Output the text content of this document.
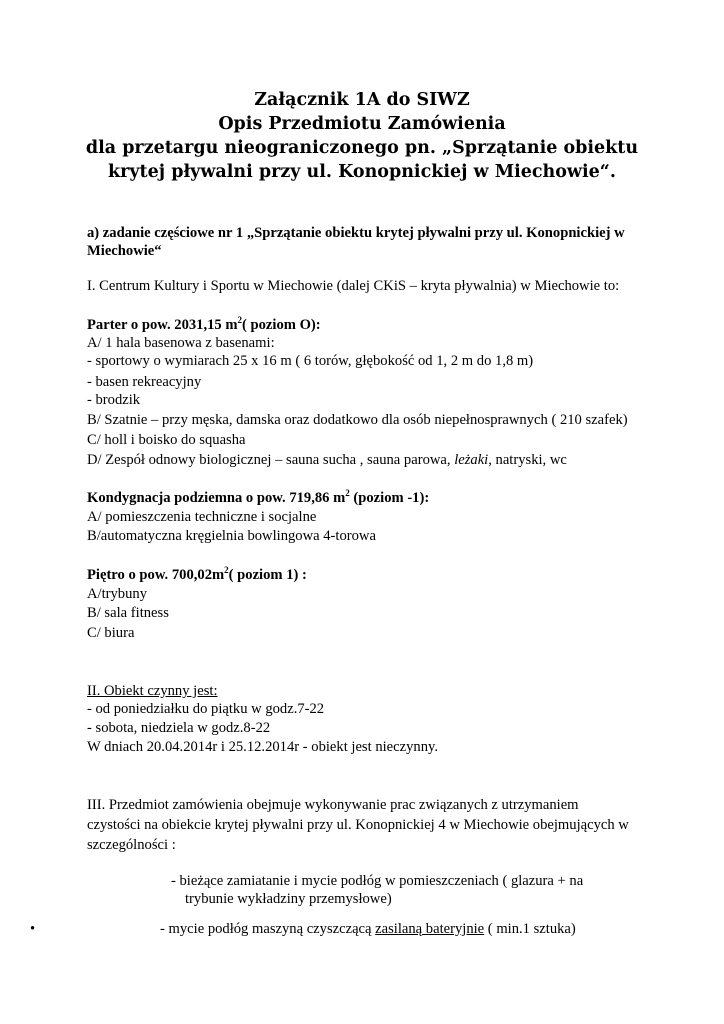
Załącznik 1A do SIWZ
Opis Przedmiotu Zamówienia
dla przetargu nieograniczonego pn. „Sprzątanie obiektu
krytej pływalni przy ul. Konopnickiej w Miechowie“.
a) zadanie częściowe nr 1 „Sprzątanie obiektu krytej pływalni przy ul. Konopnickiej w
Miechowie“
I. Centrum Kultury i Sportu w Miechowie (dalej CKiS – kryta pływalnia) w Miechowie to:
Parter o pow. 2031,15 $m^2$( poziom O):
A/ 1 hala basenowa z basenami:
- sportowy o wymiarach 25 x 16 m ( 6 torów, głębokość od 1, 2 m do 1,8 m)
- basen rekreacyjny
- brodzik
B/ Szatnie – przy męska, damska oraz dodatkowo dla osób niepełnosprawnych ( 210 szafek)
C/ holl i boisko do squasha
D/ Zespół odnowy biologicznej – sauna sucha , sauna parowa, leżaki, natryski, wc
Kondygnacja podziemna o pow. 719,86 $m^2$ (poziom -1):
A/ pomieszczenia techniczne i socjalne
B/automatyczna kręgielnia bowlingowa 4-torowa
Piętro o pow. $700,02m^2$( poziom 1) :
A/trybuny
B/ sala fitness
C/ biura
II. Obiekt czynny jest:
- od poniedziałku do piątku w godz.7-22
- sobota, niedziela w godz.8-22
W dniach 20.04.2014r i 25.12.2014r - obiekt jest nieczynny.
III. Przedmiot zamówienia obejmuje wykonywanie prac związanych z utrzymaniem
czystości na obiekcie krytej pływalni przy ul. Konopnickiej 4 w Miechowie obejmujących w
szczególności :
- bieżące zamiatanie i mycie podłóg w pomieszczeniach ( glazura + na
trybunie wykładziny przemysłowe)
•	- mycie podłóg maszyną czyszczącą zasilaną bateryjnie ( min.1 sztuka)
